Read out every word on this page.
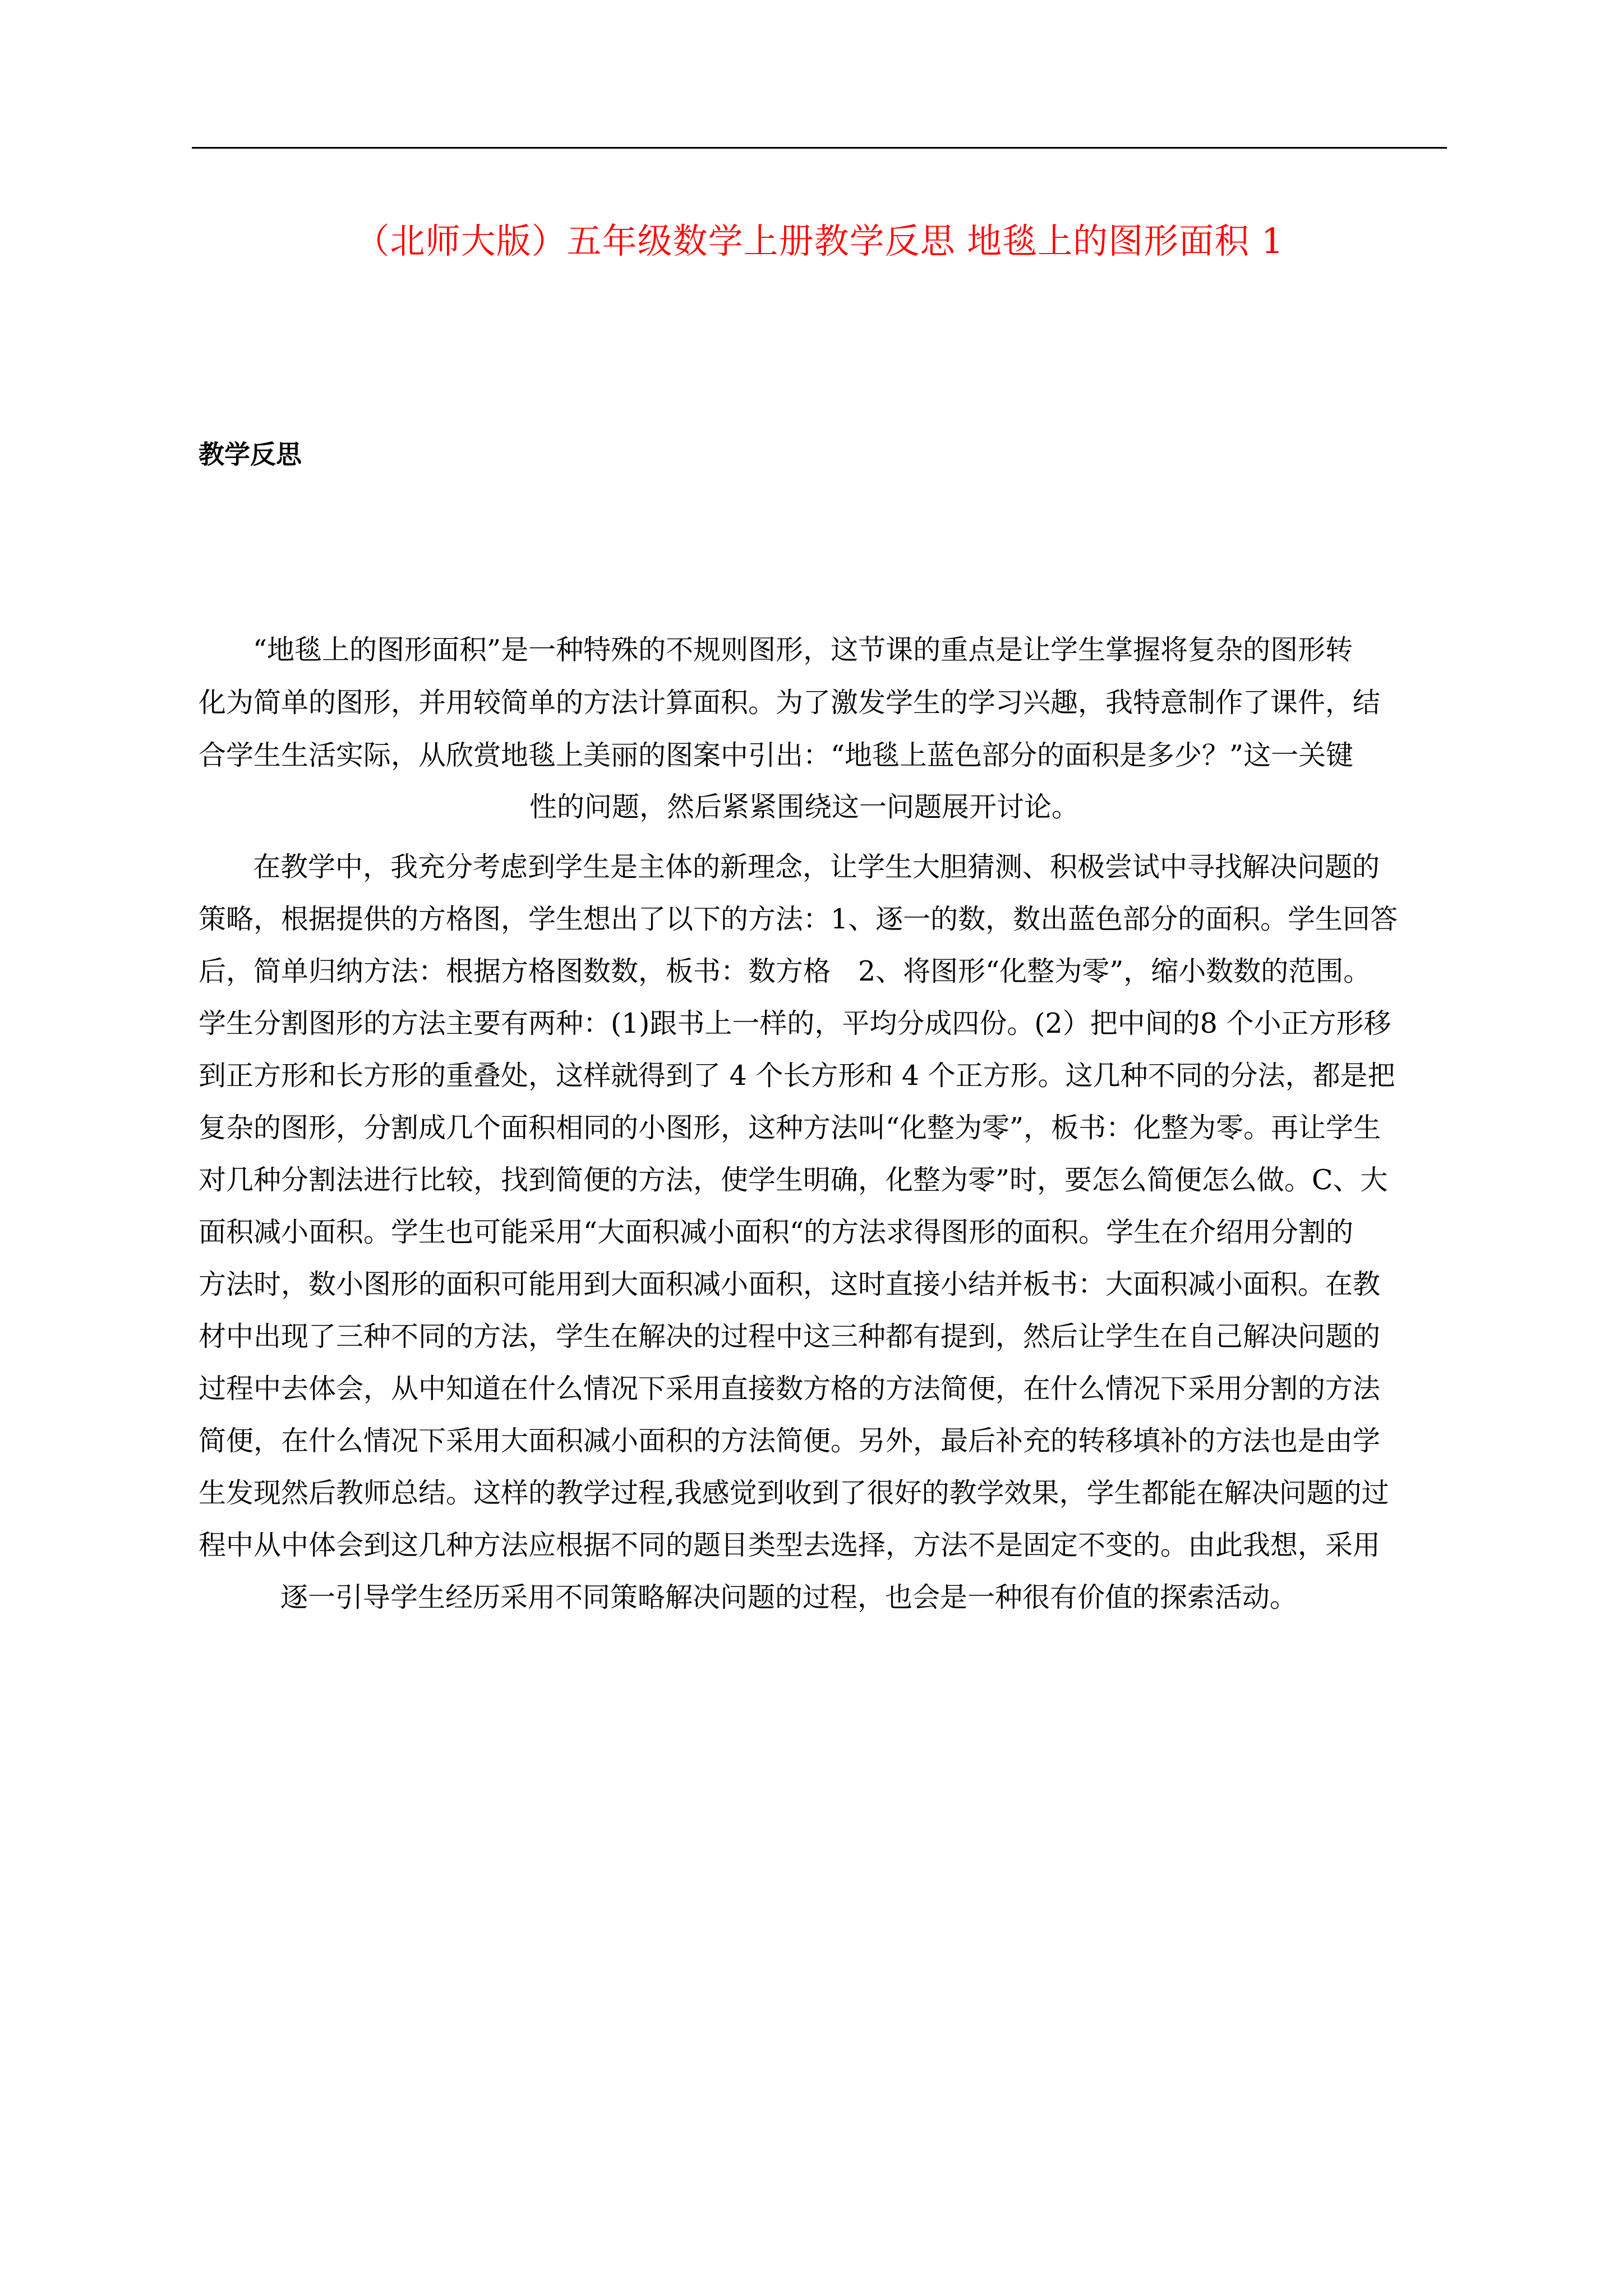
（北师大版）五年级数学上册教学反思 地毯上的图形面积 1
教学反思
“地毯上的图形面积”是一种特殊的不规则图形，这节课的重点是让学生掌握将复杂的图形转
化为简单的图形，并用较简单的方法计算面积。为了激发学生的学习兴趣，我特意制作了课件，结
合学生生活实际，从欣赏地毯上美丽的图案中引出：“地毯上蓝色部分的面积是多少？”这一关键
性的问题，然后紧紧围绕这一问题展开讨论。
在教学中，我充分考虑到学生是主体的新理念，让学生大胆猜测、积极尝试中寻找解决问题的
策略，根据提供的方格图，学生想出了以下的方法：1、逐一的数，数出蓝色部分的面积。学生回答
后，简单归纳方法：根据方格图数数，板书：数方格　2、将图形“化整为零”，缩小数数的范围。
学生分割图形的方法主要有两种：(1)跟书上一样的，平均分成四份。(2）把中间的8 个小正方形移
到正方形和长方形的重叠处，这样就得到了 4 个长方形和 4 个正方形。这几种不同的分法，都是把
复杂的图形，分割成几个面积相同的小图形，这种方法叫“化整为零”，板书：化整为零。再让学生
对几种分割法进行比较，找到简便的方法，使学生明确，化整为零”时，要怎么简便怎么做。C、大
面积减小面积。学生也可能采用“大面积减小面积“的方法求得图形的面积。学生在介绍用分割的
方法时，数小图形的面积可能用到大面积减小面积，这时直接小结并板书：大面积减小面积。在教
材中出现了三种不同的方法，学生在解决的过程中这三种都有提到，然后让学生在自己解决问题的
过程中去体会，从中知道在什么情况下采用直接数方格的方法简便，在什么情况下采用分割的方法
简便，在什么情况下采用大面积减小面积的方法简便。另外，最后补充的转移填补的方法也是由学
生发现然后教师总结。这样的教学过程,我感觉到收到了很好的教学效果，学生都能在解决问题的过
程中从中体会到这几种方法应根据不同的题目类型去选择，方法不是固定不变的。由此我想，采用
逐一引导学生经历采用不同策略解决问题的过程，也会是一种很有价值的探索活动。
